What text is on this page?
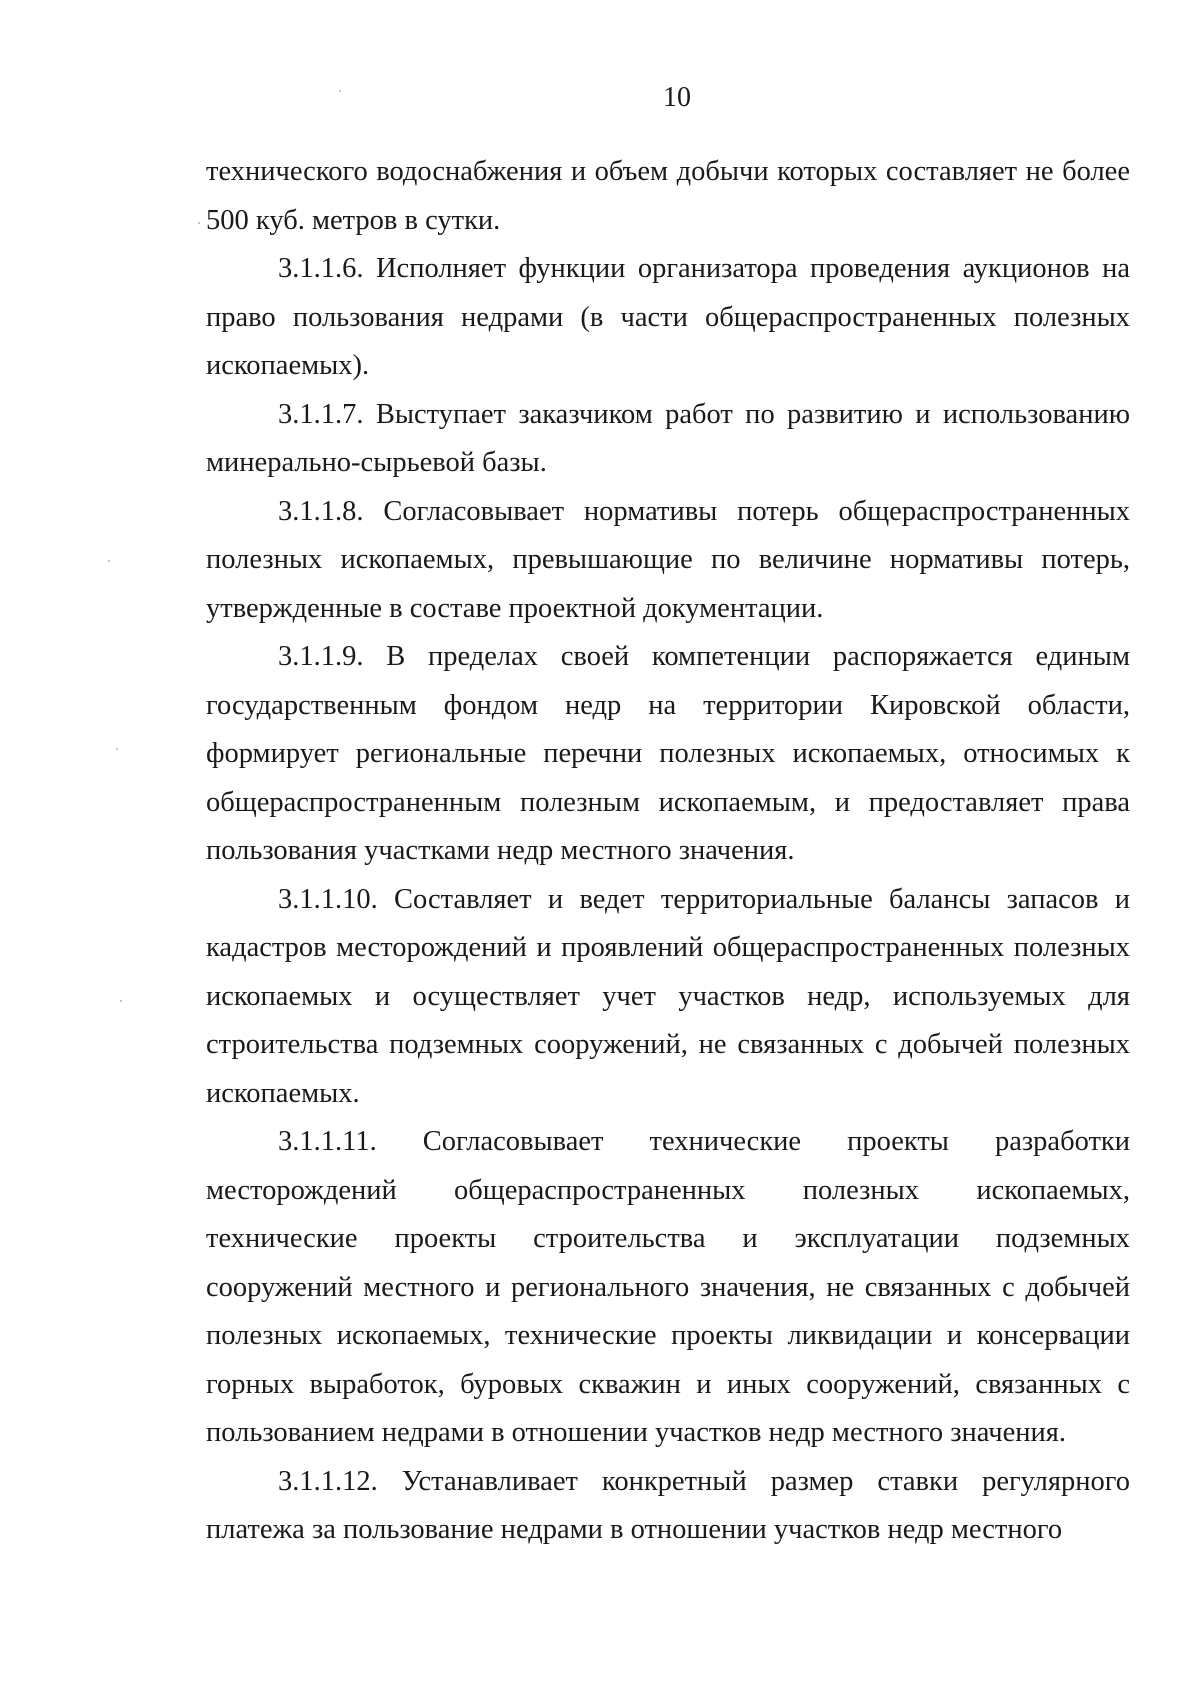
10

технического водоснабжения и объем добычи которых составляет не более 500 куб. метров в сутки.

3.1.1.6. Исполняет функции организатора проведения аукционов на право пользования недрами (в части общераспространенных полезных ископаемых).

3.1.1.7. Выступает заказчиком работ по развитию и использованию минерально-сырьевой базы.

3.1.1.8. Согласовывает нормативы потерь общераспространенных полезных ископаемых, превышающие по величине нормативы потерь, утвержденные в составе проектной документации.

3.1.1.9. В пределах своей компетенции распоряжается единым государственным фондом недр на территории Кировской области, формирует региональные перечни полезных ископаемых, относимых к общераспространенным полезным ископаемым, и предоставляет права пользования участками недр местного значения.

3.1.1.10. Составляет и ведет территориальные балансы запасов и кадастров месторождений и проявлений общераспространенных полезных ископаемых и осуществляет учет участков недр, используемых для строительства подземных сооружений, не связанных с добычей полезных ископаемых.

3.1.1.11. Согласовывает технические проекты разработки месторождений общераспространенных полезных ископаемых, технические проекты строительства и эксплуатации подземных сооружений местного и регионального значения, не связанных с добычей полезных ископаемых, технические проекты ликвидации и консервации горных выработок, буровых скважин и иных сооружений, связанных с пользованием недрами в отношении участков недр местного значения.

3.1.1.12. Устанавливает конкретный размер ставки регулярного платежа за пользование недрами в отношении участков недр местного
